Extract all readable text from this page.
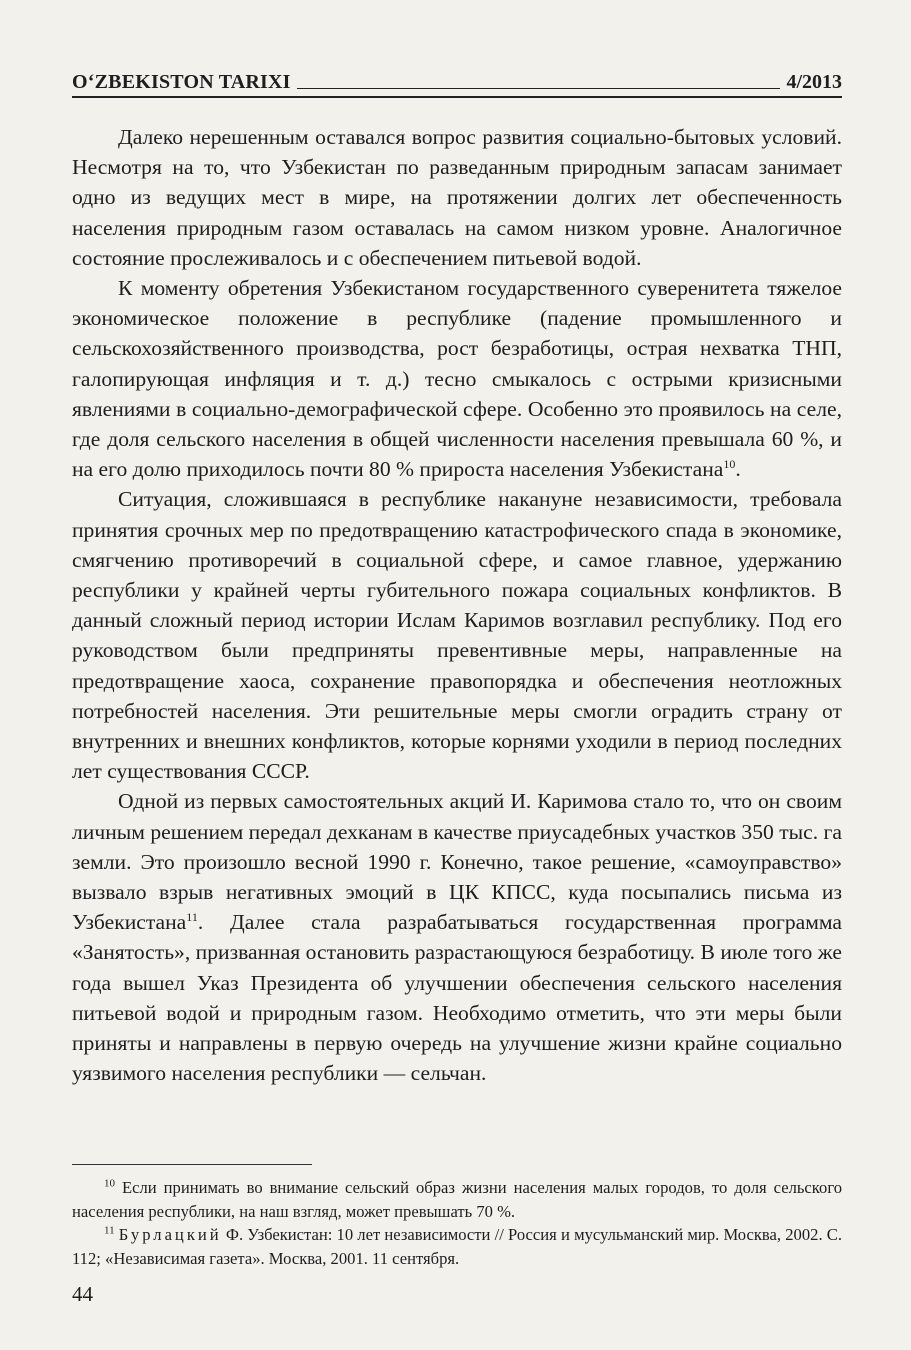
O‘ZBEKISTON TARIXI	4/2013

Далеко нерешенным оставался вопрос развития социально-бытовых условий. Несмотря на то, что Узбекистан по разведанным природным запасам занимает одно из ведущих мест в мире, на протяжении долгих лет обеспеченность населения природным газом оставалась на самом низком уровне. Аналогичное состояние прослеживалось и с обеспечением питьевой водой.

К моменту обретения Узбекистаном государственного суверенитета тяжелое экономическое положение в республике (падение промышленного и сельскохозяйственного производства, рост безработицы, острая нехватка ТНП, галопирующая инфляция и т. д.) тесно смыкалось с острыми кризисными явлениями в социально-демографической сфере. Особенно это проявилось на селе, где доля сельского населения в общей численности населения превышала 60 %, и на его долю приходилось почти 80 % прироста населения Узбекистана$^{10}$.

Ситуация, сложившаяся в республике накануне независимости, требовала принятия срочных мер по предотвращению катастрофического спада в экономике, смягчению противоречий в социальной сфере, и самое главное, удержанию республики у крайней черты губительного пожара социальных конфликтов. В данный сложный период истории Ислам Каримов возглавил республику. Под его руководством были предприняты превентивные меры, направленные на предотвращение хаоса, сохранение правопорядка и обеспечения неотложных потребностей населения. Эти решительные меры смогли оградить страну от внутренних и внешних конфликтов, которые корнями уходили в период последних лет существования СССР.

Одной из первых самостоятельных акций И. Каримова стало то, что он своим личным решением передал дехканам в качестве приусадебных участков 350 тыс. га земли. Это произошло весной 1990 г. Конечно, такое решение, «самоуправство» вызвало взрыв негативных эмоций в ЦК КПСС, куда посыпались письма из Узбекистана$^{11}$. Далее стала разрабатываться государственная программа «Занятость», призванная остановить разрастающуюся безработицу. В июле того же года вышел Указ Президента об улучшении обеспечения сельского населения питьевой водой и природным газом. Необходимо отметить, что эти меры были приняты и направлены в первую очередь на улучшение жизни крайне социально уязвимого населения республики — сельчан.

$^{10}$ Если принимать во внимание сельский образ жизни населения малых городов, то доля сельского населения республики, на наш взгляд, может превышать 70 %.

$^{11}$ Бурлацкий Ф. Узбекистан: 10 лет независимости // Россия и мусульманский мир. Москва, 2002. С. 112; «Независимая газета». Москва, 2001. 11 сентября.

44
